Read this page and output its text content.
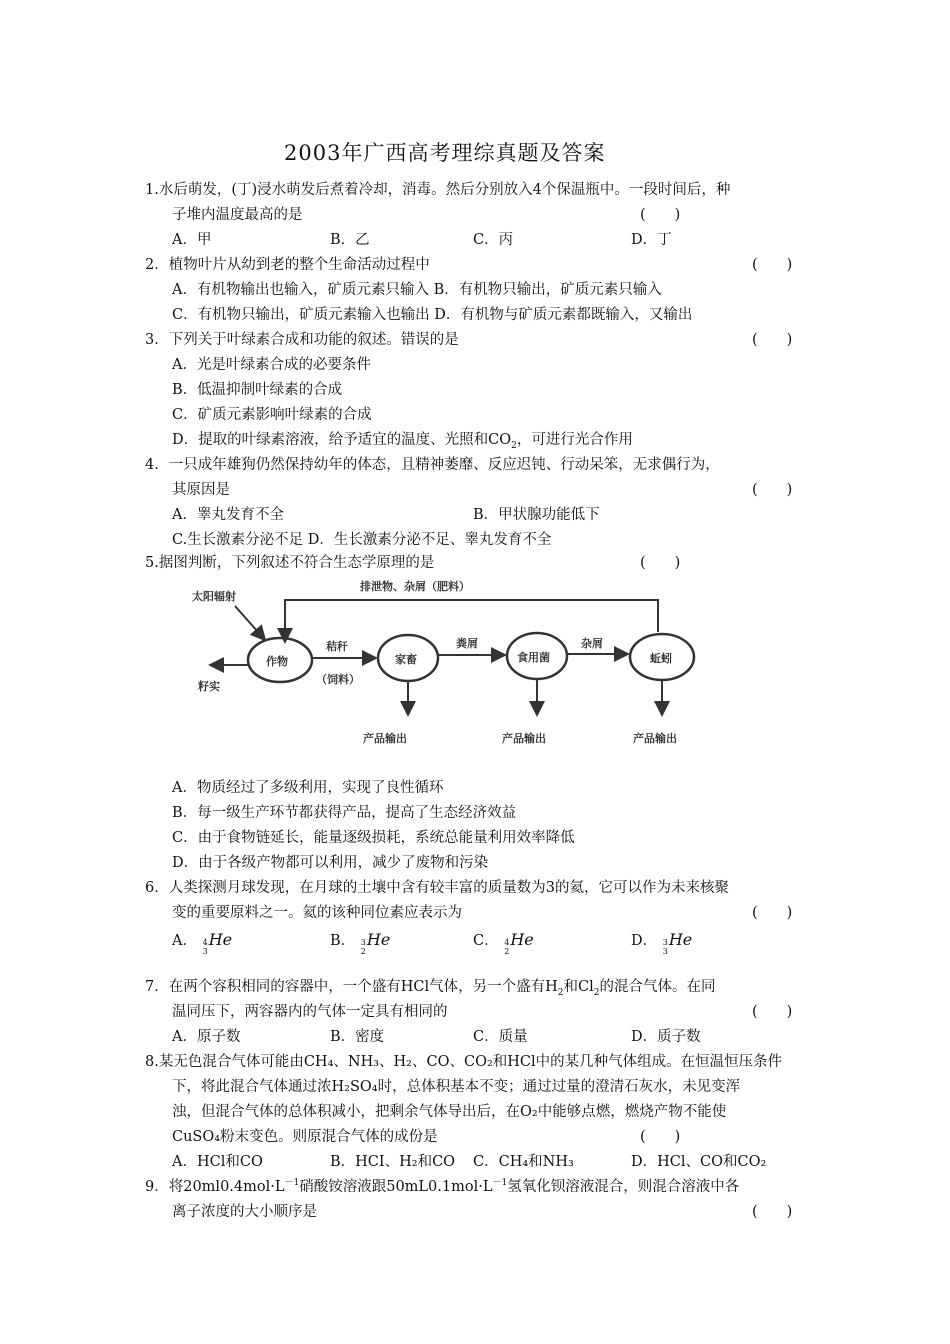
2003年广西高考理综真题及答案
1.水后萌发，(丁)浸水萌发后煮着冷却，消毒。然后分别放入4个保温瓶中。一段时间后，种
子堆内温度最高的是	(　　)
A．甲	B．乙	C．丙	D．丁
2．植物叶片从幼到老的整个生命活动过程中	(　　)
A．有机物输出也输入，矿质元素只输入 B．有机物只输出，矿质元素只输入
C．有机物只输出，矿质元素输入也输出 D．有机物与矿质元素都既输入，又输出
3．下列关于叶绿素合成和功能的叙述。错误的是	(　　)
A．光是叶绿素合成的必要条件
B．低温抑制叶绿素的合成
C．矿质元素影响叶绿素的合成
D．提取的叶绿素溶液，给予适宜的温度、光照和$CO_2$，可进行光合作用
4．一只成年雄狗仍然保持幼年的体态，且精神萎靡、反应迟钝、行动呆笨，无求偶行为，
其原因是	(　　)
A．睾丸发育不全	B．甲状腺功能低下
C.生长激素分泌不足 D．生长激素分泌不足、睾丸发育不全
5.据图判断，下列叙述不符合生态学原理的是	(　　)
排泄物、杂屑（肥料）
太阳辐射
作物	家畜	食用菌	蚯蚓
籽实
秸秆
（饲料）
粪屑	杂屑
产品输出	产品输出	产品输出
A．物质经过了多级利用，实现了良性循环
B．每一级生产环节都获得产品，提高了生态经济效益
C．由于食物链延长，能量逐级损耗，系统总能量利用效率降低
D．由于各级产物都可以利用，减少了废物和污染
6．人类探测月球发现，在月球的土壤中含有较丰富的质量数为3的氦，它可以作为未来核聚
变的重要原料之一。氦的该种同位素应表示为	(　　)
A． 4
3He	B． 3
2He	C． 4
2He	D． 3
3He
7．在两个容积相同的容器中，一个盛有HCl气体，另一个盛有$H_2$和$Cl_2$的混合气体。在同
温同压下，两容器内的气体一定具有相同的	(　　)
A．原子数	B．密度	C．质量	D．质子数
8.某无色混合气体可能由CH₄、NH₃、H₂、CO、CO₂和HCl中的某几种气体组成。在恒温恒压条件
下，将此混合气体通过浓H₂SO₄时，总体积基本不变；通过过量的澄清石灰水，未见变浑
浊，但混合气体的总体积减小，把剩余气体导出后，在O₂中能够点燃，燃烧产物不能使
CuSO₄粉末变色。则原混合气体的成份是	(　　)
A．HCl和CO	B．HCI、H₂和CO C．CH₄和NH₃	D．HCl、CO和CO₂
9．将$20ml0.4mol\cdot L^{-1}$硝酸铵溶液跟$50mL0.1mol\cdot L^{-1}$氢氧化钡溶液混合，则混合溶液中各
离子浓度的大小顺序是	(　　)
